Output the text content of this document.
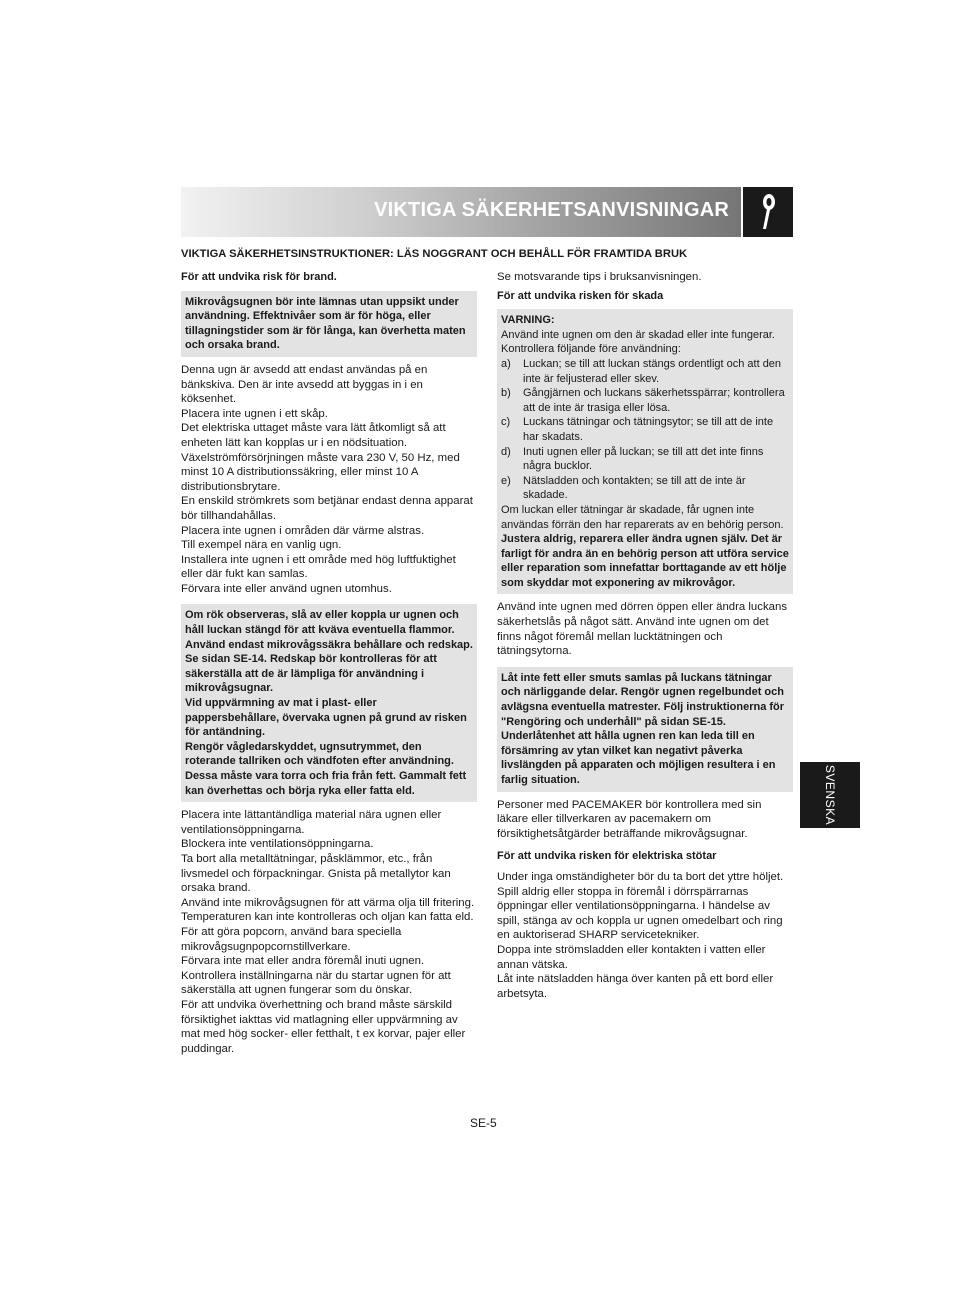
VIKTIGA SÄKERHETSANVISNINGAR
VIKTIGA SÄKERHETSINSTRUKTIONER: LÄS NOGGRANT OCH BEHÅLL FÖR FRAMTIDA BRUK

För att undvika risk för brand.

Mikrovågsugnen bör inte lämnas utan uppsikt under användning. Effektnivåer som är för höga, eller tillagningstider som är för långa, kan överhetta maten och orsaka brand.

Denna ugn är avsedd att endast användas på en bänkskiva. Den är inte avsedd att byggas in i en köksenhet.

Placera inte ugnen i ett skåp.

Det elektriska uttaget måste vara lätt åtkomligt så att enheten lätt kan kopplas ur i en nödsituation.

Växelströmförsörjningen måste vara 230 V, 50 Hz, med minst 10 A distributionssäkring, eller minst 10 A distributionsbrytare.

En enskild strömkrets som betjänar endast denna apparat bör tillhandahållas.

Placera inte ugnen i områden där värme alstras.

Till exempel nära en vanlig ugn.

Installera inte ugnen i ett område med hög luftfuktighet eller där fukt kan samlas.

Förvara inte eller använd ugnen utomhus.

Om rök observeras, slå av eller koppla ur ugnen och håll luckan stängd för att kväva eventuella flammor.

Använd endast mikrovågssäkra behållare och redskap.

Se sidan SE-14. Redskap bör kontrolleras för att säkerställa att de är lämpliga för användning i mikrovågsugnar.

Vid uppvärmning av mat i plast- eller pappersbehållare, övervaka ugnen på grund av risken för antändning.

Rengör vågledarskyddet, ugnsutrymmet, den roterande tallriken och vändfoten efter användning. Dessa måste vara torra och fria från fett. Gammalt fett kan överhettas och börja ryka eller fatta eld.

Placera inte lättantändliga material nära ugnen eller ventilationsöppningarna.

Blockera inte ventilationsöppningarna.

Ta bort alla metalltätningar, påsklämmor, etc., från livsmedel och förpackningar. Gnista på metallytor kan orsaka brand.

Använd inte mikrovågsugnen för att värma olja till fritering. Temperaturen kan inte kontrolleras och oljan kan fatta eld.

För att göra popcorn, använd bara speciella mikrovågsugnpopcornstillverkare.

Förvara inte mat eller andra föremål inuti ugnen.

Kontrollera inställningarna när du startar ugnen för att säkerställa att ugnen fungerar som du önskar.

För att undvika överhettning och brand måste särskild försiktighet iakttas vid matlagning eller uppvärmning av mat med hög socker- eller fetthalt, t ex korvar, pajer eller puddingar.

Se motsvarande tips i bruksanvisningen.

För att undvika risken för skada

VARNING:

Använd inte ugnen om den är skadad eller inte fungerar. Kontrollera följande före användning:

a)	Luckan; se till att luckan stängs ordentligt och att den inte är feljusterad eller skev.
b)	Gångjärnen och luckans säkerhetsspärrar; kontrollera att de inte är trasiga eller lösa.
c)	Luckans tätningar och tätningsytor; se till att de inte har skadats.
d)	Inuti ugnen eller på luckan; se till att det inte finns några bucklor.
e)	Nätsladden och kontakten; se till att de inte är skadade.

Om luckan eller tätningar är skadade, får ugnen inte användas förrän den har reparerats av en behörig person.

Justera aldrig, reparera eller ändra ugnen själv. Det är farligt för andra än en behörig person att utföra service eller reparation som innefattar borttagande av ett hölje som skyddar mot exponering av mikrovågor.

Använd inte ugnen med dörren öppen eller ändra luckans säkerhetslås på något sätt. Använd inte ugnen om det finns något föremål mellan lucktätningen och tätningsytorna.

Låt inte fett eller smuts samlas på luckans tätningar och närliggande delar. Rengör ugnen regelbundet och avlägsna eventuella matrester. Följ instruktionerna för "Rengöring och underhåll" på sidan SE-15. Underlåtenhet att hålla ugnen ren kan leda till en försämring av ytan vilket kan negativt påverka livslängden på apparaten och möjligen resultera i en farlig situation.

Personer med PACEMAKER bör kontrollera med sin läkare eller tillverkaren av pacemakern om försiktighetsåtgärder beträffande mikrovågsugnar.

För att undvika risken för elektriska stötar

Under inga omständigheter bör du ta bort det yttre höljet.

Spill aldrig eller stoppa in föremål i dörrspärrarnas öppningar eller ventilationsöppningarna. I händelse av spill, stänga av och koppla ur ugnen omedelbart och ring en auktoriserad SHARP servicetekniker.

Doppa inte strömsladden eller kontakten i vatten eller annan vätska.

Låt inte nätsladden hänga över kanten på ett bord eller arbetsyta.

SVENSKA
SE-5
